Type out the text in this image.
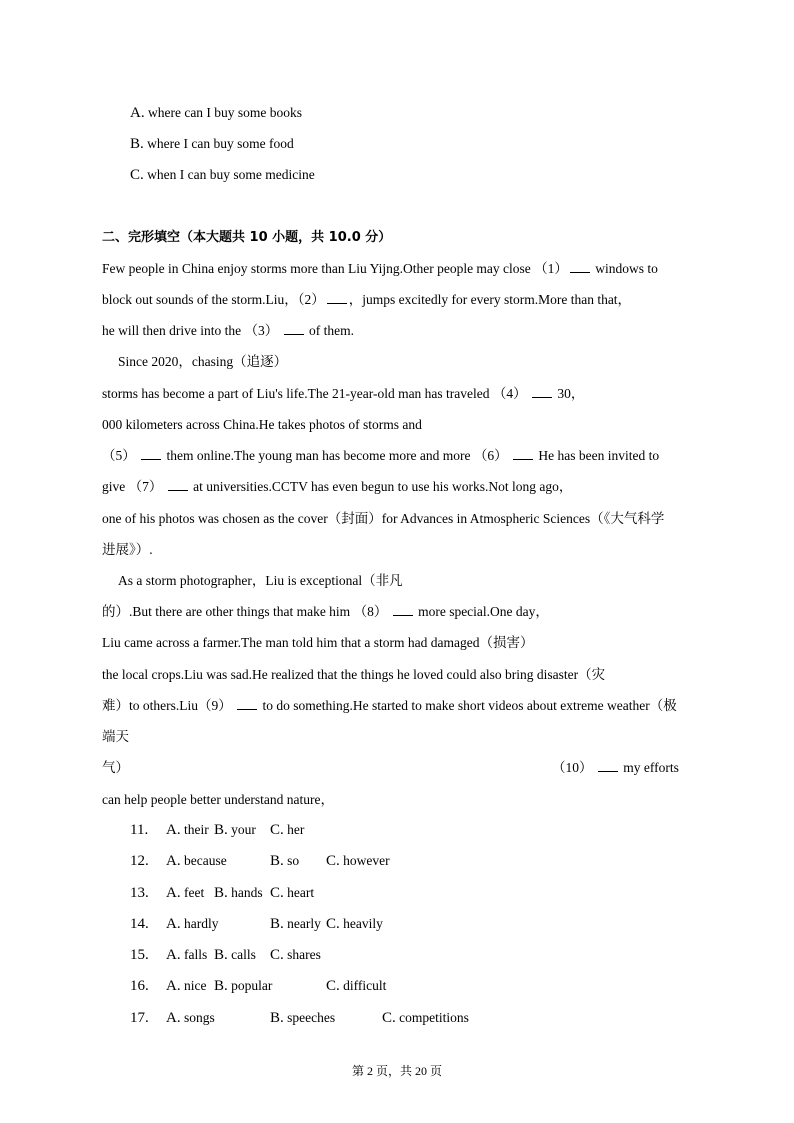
A. where can I buy some books
B. where I can buy some food
C. when I can buy some medicine
二、完形填空（本大题共 10 小题，共 10.0 分）
Few people in China enjoy storms more than Liu Yijng.Other people may close （1） windows to
block out sounds of the storm.Liu，（2） ，jumps excitedly for every storm.More than that，
he will then drive into the （3） of them.
Since 2020，chasing（追逐）
storms has become a part of Liu's life.The 21-year-old man has traveled （4） 30，
000 kilometers across China.He takes photos of storms and
（5） them online.The young man has become more and more （6） He has been invited to
give （7） at universities.CCTV has even begun to use his works.Not long ago，
one of his photos was chosen as the cover（封面）for Advances in Atmospheric Sciences（《大气科学
进展》）.
As a storm photographer，Liu is exceptional（非凡
的）.But there are other things that make him （8） more special.One day，
Liu came across a farmer.The man told him that a storm had damaged（损害）
the local crops.Liu was sad.He realized that the things he loved could also bring disaster（灾
难）to others.Liu（9） to do something.He started to make short videos about extreme weather（极
端天
气）	（10） my efforts
can help people better understand nature，
11. A. their B. your C. her
12. A. because	B. so C. however
13. A. feet B. hands C. heart
14. A. hardly	B. nearly C. heavily
15. A. falls B. calls C. shares
16. A. nice B. popular	C. difficult
17. A. songs	B. speeches	C. competitions
第 2 页，共 20 页
